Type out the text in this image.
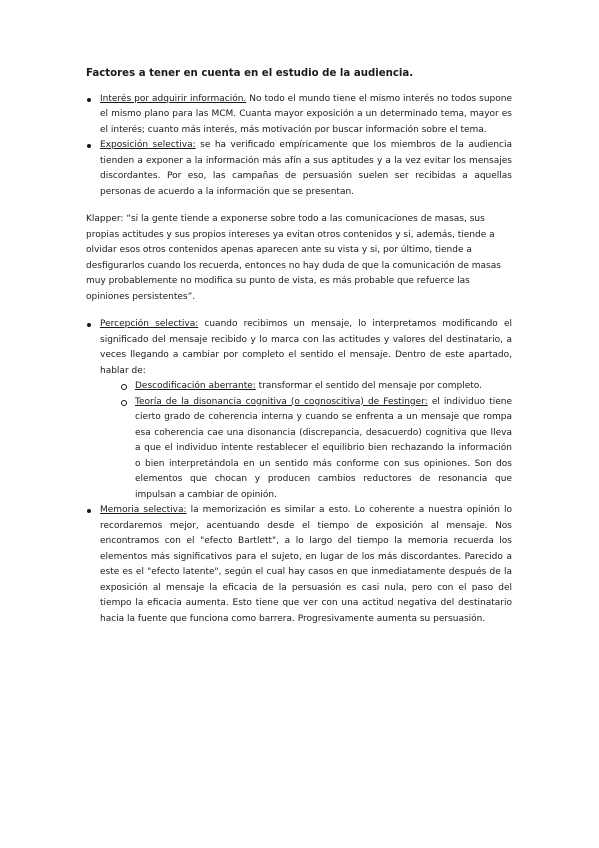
Factores a tener en cuenta en el estudio de la audiencia.

Interés por adquirir información. No todo el mundo tiene el mismo interés no todos supone el mismo plano para las MCM. Cuanta mayor exposición a un determinado tema, mayor es el interés; cuanto más interés, más motivación por buscar información sobre el tema.
Exposición selectiva: se ha verificado empíricamente que los miembros de la audiencia tienden a exponer a la información más afín a sus aptitudes y a la vez evitar los mensajes discordantes. Por eso, las campañas de persuasión suelen ser recibidas a aquellas personas de acuerdo a la información que se presentan.

Klapper: “si la gente tiende a exponerse sobre todo a las comunicaciones de masas, sus propias actitudes y sus propios intereses ya evitan otros contenidos y si, además, tiende a olvidar esos otros contenidos apenas aparecen ante su vista y si, por último, tiende a desfigurarlos cuando los recuerda, entonces no hay duda de que la comunicación de masas muy probablemente no modifica su punto de vista, es más probable que refuerce las opiniones persistentes”.

Percepción selectiva: cuando recibimos un mensaje, lo interpretamos modificando el significado del mensaje recibido y lo marca con las actitudes y valores del destinatario, a veces llegando a cambiar por completo el sentido el mensaje. Dentro de este apartado, hablar de:
Descodificación aberrante: transformar el sentido del mensaje por completo.
Teoría de la disonancia cognitiva (o cognoscitiva) de Festinger: el individuo tiene cierto grado de coherencia interna y cuando se enfrenta a un mensaje que rompa esa coherencia cae una disonancia (discrepancia, desacuerdo) cognitiva que lleva a que el individuo intente restablecer el equilibrio bien rechazando la información o bien interpretándola en un sentido más conforme con sus opiniones. Son dos elementos que chocan y producen cambios reductores de resonancia que impulsan a cambiar de opinión.
Memoria selectiva: la memorización es similar a esto. Lo coherente a nuestra opinión lo recordaremos mejor, acentuando desde el tiempo de exposición al mensaje. Nos encontramos con el "efecto Bartlett", a lo largo del tiempo la memoria recuerda los elementos más significativos para el sujeto, en lugar de los más discordantes. Parecido a este es el "efecto latente", según el cual hay casos en que inmediatamente después de la exposición al mensaje la eficacia de la persuasión es casi nula, pero con el paso del tiempo la eficacia aumenta. Esto tiene que ver con una actitud negativa del destinatario hacia la fuente que funciona como barrera. Progresivamente aumenta su persuasión.
